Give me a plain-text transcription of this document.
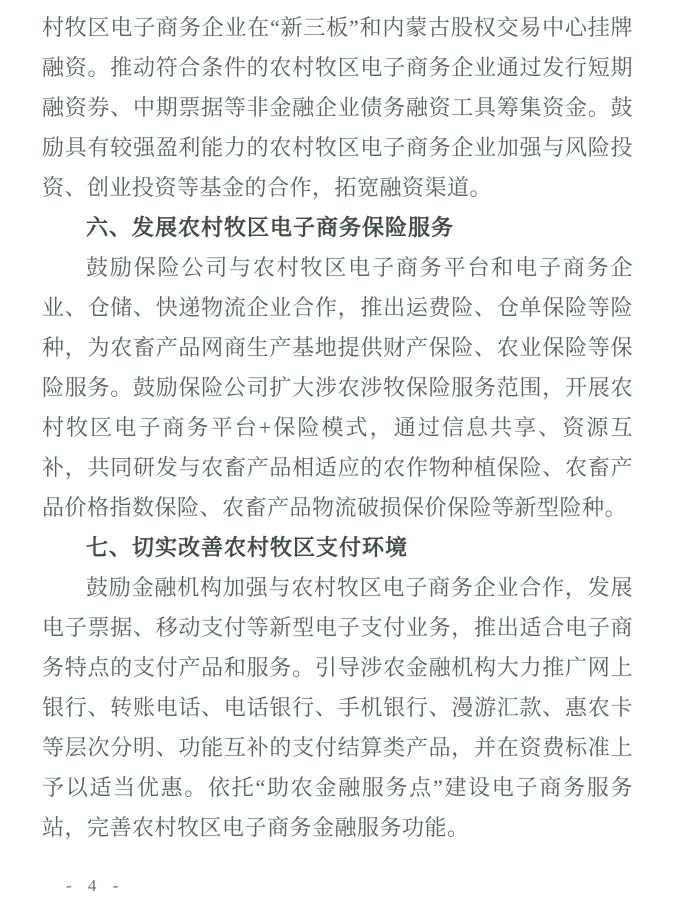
村牧区电子商务企业在“新三板”和内蒙古股权交易中心挂牌融资。推动符合条件的农村牧区电子商务企业通过发行短期融资券、中期票据等非金融企业债务融资工具筹集资金。鼓励具有较强盈利能力的农村牧区电子商务企业加强与风险投资、创业投资等基金的合作，拓宽融资渠道。

六、发展农村牧区电子商务保险服务

鼓励保险公司与农村牧区电子商务平台和电子商务企业、仓储、快递物流企业合作，推出运费险、仓单保险等险种，为农畜产品网商生产基地提供财产保险、农业保险等保险服务。鼓励保险公司扩大涉农涉牧保险服务范围，开展农村牧区电子商务平台+保险模式，通过信息共享、资源互补，共同研发与农畜产品相适应的农作物种植保险、农畜产品价格指数保险、农畜产品物流破损保价保险等新型险种。

七、切实改善农村牧区支付环境

鼓励金融机构加强与农村牧区电子商务企业合作，发展电子票据、移动支付等新型电子支付业务，推出适合电子商务特点的支付产品和服务。引导涉农金融机构大力推广网上银行、转账电话、电话银行、手机银行、漫游汇款、惠农卡等层次分明、功能互补的支付结算类产品，并在资费标准上予以适当优惠。依托“助农金融服务点”建设电子商务服务站，完善农村牧区电子商务金融服务功能。

- 4 -
